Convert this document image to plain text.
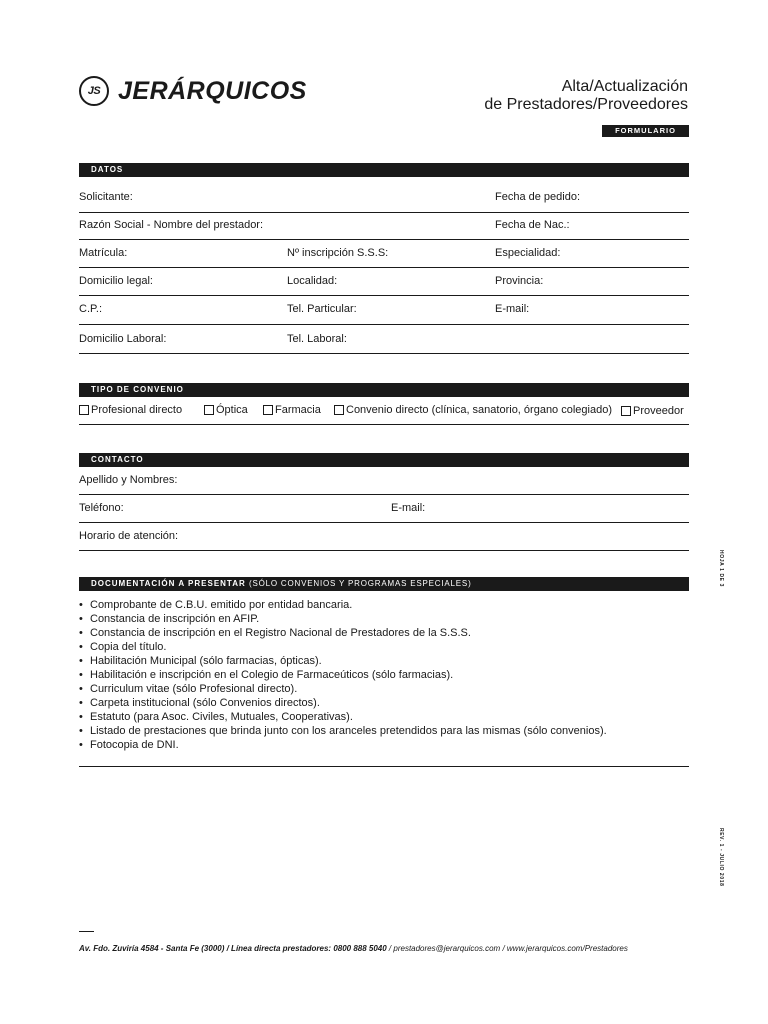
JS JERÁRQUICOS	Alta/Actualización
de Prestadores/Proveedores
FORMULARIO
DATOS
Solicitante:	Fecha de pedido:
Razón Social - Nombre del prestador:	Fecha de Nac.:
Matrícula:	Nº inscripción S.S.S:	Especialidad:
Domicilio legal:	Localidad:	Provincia:
C.P.:	Tel. Particular:	E-mail:
Domicilio Laboral:	Tel. Laboral:
TIPO DE CONVENIO
Profesional directo	Óptica Farmacia Convenio directo (clínica, sanatorio, órgano colegiado) Proveedor
CONTACTO
Apellido y Nombres:
Teléfono:	E-mail:
Horario de atención:
DOCUMENTACIÓN A PRESENTAR (SÓLO CONVENIOS Y PROGRAMAS ESPECIALES)
• Comprobante de C.B.U. emitido por entidad bancaria.
• Constancia de inscripción en AFIP.
• Constancia de inscripción en el Registro Nacional de Prestadores de la S.S.S.
• Copia del título.
• Habilitación Municipal (sólo farmacias, ópticas).
• Habilitación e inscripción en el Colegio de Farmaceúticos (sólo farmacias).
• Curriculum vitae (sólo Profesional directo).
• Carpeta institucional (sólo Convenios directos).
• Estatuto (para Asoc. Civiles, Mutuales, Cooperativas).
• Listado de prestaciones que brinda junto con los aranceles pretendidos para las mismas (sólo convenios).
• Fotocopia de DNI.
HOJA 1 DE 3
REV. 1 - JULIO 2018
Av. Fdo. Zuviría 4584 - Santa Fe (3000) / Línea directa prestadores: 0800 888 5040 / prestadores@jerarquicos.com / www.jerarquicos.com/Prestadores
